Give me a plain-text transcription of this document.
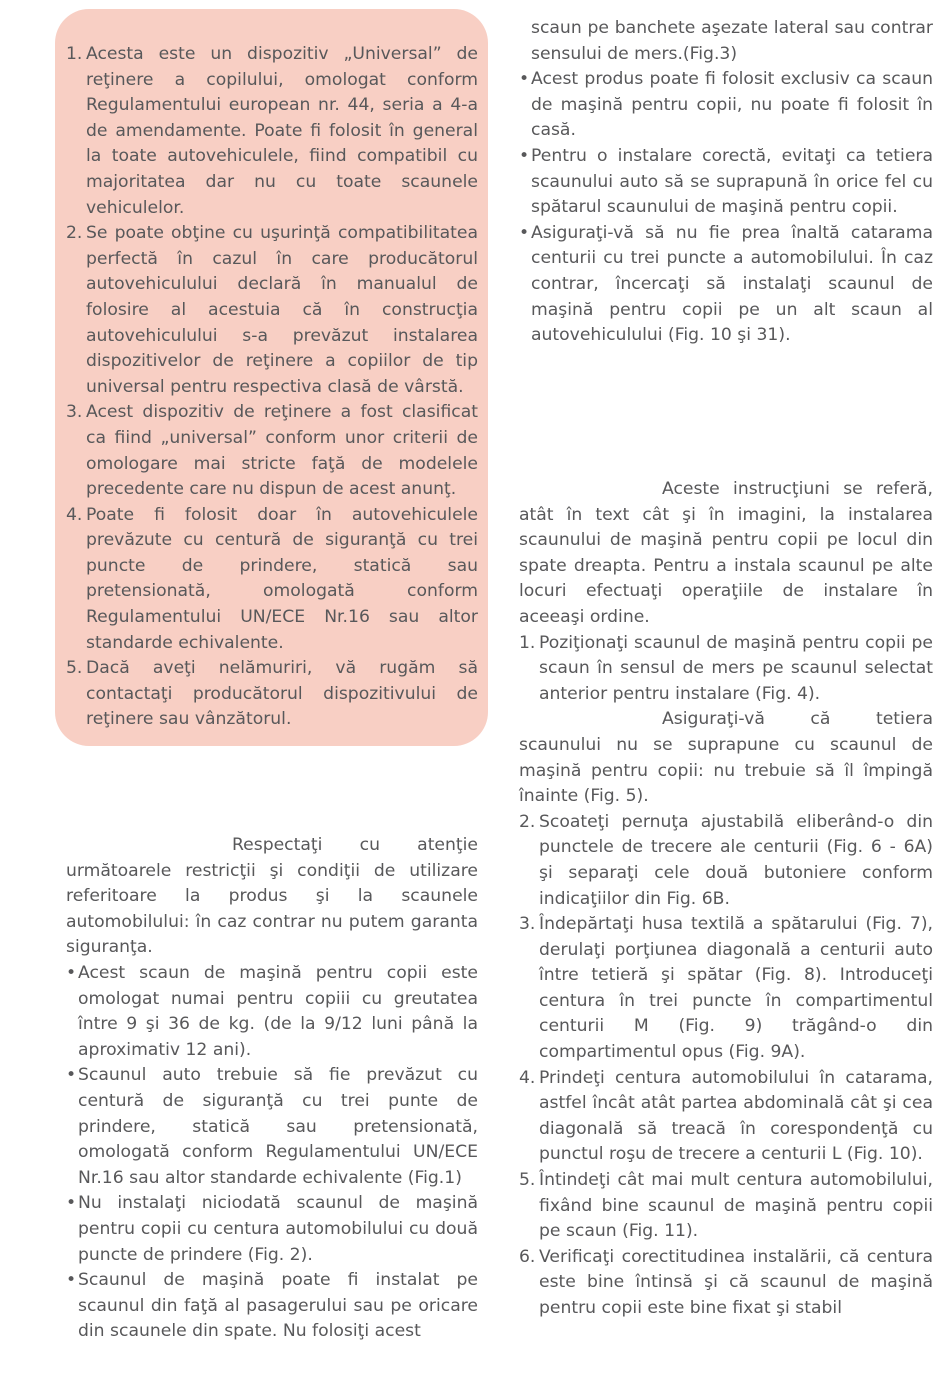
1. Acesta este un dispozitiv „Universal” de reţinere a copilului, omologat conform Regulamentului european nr. 44, seria a 4-a de amendamente. Poate fi folosit în general la toate autovehiculele, fiind compatibil cu majoritatea dar nu cu toate scaunele vehiculelor.
2. Se poate obţine cu uşurinţă compatibilitatea perfectă în cazul în care producătorul autovehiculului declară în manualul de folosire al acestuia că în construcţia autovehiculului s-a prevăzut instalarea dispozitivelor de reţinere a copiilor de tip universal pentru respectiva clasă de vârstă.
3. Acest dispozitiv de reţinere a fost clasificat ca fiind „universal” conform unor criterii de omologare mai stricte faţă de modelele precedente care nu dispun de acest anunţ.
4. Poate fi folosit doar în autovehiculele prevăzute cu centură de siguranţă cu trei puncte de prindere, statică sau pretensionată, omologată conform Regulamentului UN/ECE Nr.16 sau altor standarde echivalente.
5. Dacă aveţi nelămuriri, vă rugăm să contactaţi producătorul dispozitivului de reţinere sau vânzătorul.

Respectaţi cu atenţie următoarele restricţii şi condiţii de utilizare referitoare la produs şi la scaunele automobilului: în caz contrar nu putem garanta siguranţa.

• Acest scaun de maşină pentru copii este omologat numai pentru copiii cu greutatea între 9 şi 36 de kg. (de la 9/12 luni până la aproximativ 12 ani).
• Scaunul auto trebuie să fie prevăzut cu centură de siguranţă cu trei punte de prindere, statică sau pretensionată, omologată conform Regulamentului UN/ECE Nr.16 sau altor standarde echivalente (Fig.1)
• Nu instalaţi niciodată scaunul de maşină pentru copii cu centura automobilului cu două puncte de prindere (Fig. 2).
• Scaunul de maşină poate fi instalat pe scaunul din faţă al pasagerului sau pe oricare din scaunele din spate. Nu folosiţi acest

scaun pe banchete aşezate lateral sau contrar sensului de mers.(Fig.3)

• Acest produs poate fi folosit exclusiv ca scaun de maşină pentru copii, nu poate fi folosit în casă.
• Pentru o instalare corectă, evitaţi ca tetiera scaunului auto să se suprapună în orice fel cu spătarul scaunului de maşină pentru copii.
• Asiguraţi-vă să nu fie prea înaltă catarama centurii cu trei puncte a automobilului. În caz contrar, încercaţi să instalaţi scaunul de maşină pentru copii pe un alt scaun al autovehiculului (Fig. 10 şi 31).

Aceste instrucţiuni se referă, atât în text cât şi în imagini, la instalarea scaunului de maşină pentru copii pe locul din spate dreapta. Pentru a instala scaunul pe alte locuri efectuaţi operaţiile de instalare în aceeaşi ordine.

1. Poziţionaţi scaunul de maşină pentru copii pe scaun în sensul de mers pe scaunul selectat anterior pentru instalare (Fig. 4).

Asiguraţi-vă că tetiera scaunului nu se suprapune cu scaunul de maşină pentru copii: nu trebuie să îl împingă înainte (Fig. 5).

2. Scoateţi pernuţa ajustabilă eliberând-o din punctele de trecere ale centurii (Fig. 6 - 6A) şi separaţi cele două butoniere conform indicaţiilor din Fig. 6B.
3. Îndepărtaţi husa textilă a spătarului (Fig. 7), derulaţi porţiunea diagonală a centurii auto între tetieră şi spătar (Fig. 8). Introduceţi centura în trei puncte în compartimentul centurii M (Fig. 9) trăgând-o din compartimentul opus (Fig. 9A).
4. Prindeţi centura automobilului în catarama, astfel încât atât partea abdominală cât şi cea diagonală să treacă în corespondenţă cu punctul roşu de trecere a centurii L (Fig. 10).
5. Întindeţi cât mai mult centura automobilului, fixând bine scaunul de maşină pentru copii pe scaun (Fig. 11).
6. Verificaţi corectitudinea instalării, că centura este bine întinsă şi că scaunul de maşină pentru copii este bine fixat şi stabil
